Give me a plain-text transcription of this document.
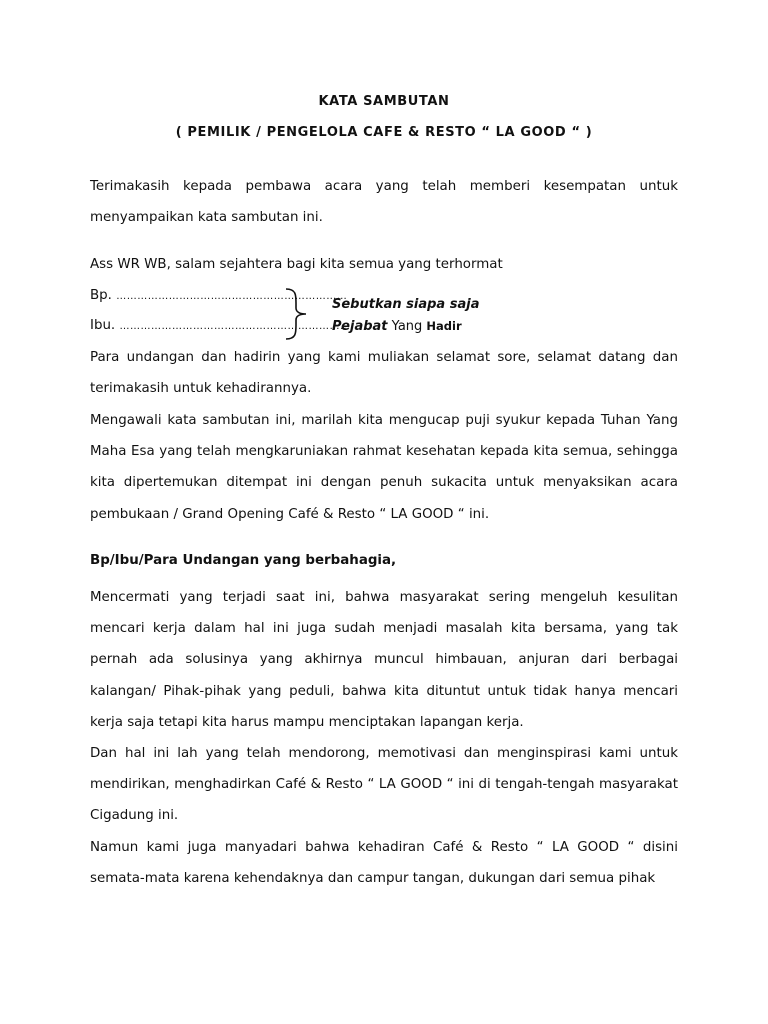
KATA SAMBUTAN
( PEMILIK / PENGELOLA CAFE & RESTO “ LA GOOD “ )

Terimakasih kepada pembawa acara yang telah memberi kesempatan untuk menyampaikan kata sambutan ini.

Ass WR WB, salam sejahtera bagi kita semua yang terhormat

Bp. …………………………………………………………
Ibu. …………………………………………………………
Sebutkan siapa saja
Pejabat Yang Hadir

Para undangan dan hadirin yang kami muliakan selamat sore, selamat datang dan terimakasih untuk kehadirannya.

Mengawali kata sambutan ini, marilah kita mengucap puji syukur kepada Tuhan Yang Maha Esa yang telah mengkaruniakan rahmat kesehatan kepada kita semua, sehingga kita dipertemukan ditempat ini dengan penuh sukacita untuk menyaksikan acara pembukaan / Grand Opening Café & Resto “ LA GOOD “ ini.

Bp/Ibu/Para Undangan yang berbahagia,

Mencermati yang terjadi saat ini, bahwa masyarakat sering mengeluh kesulitan mencari kerja dalam hal ini juga sudah menjadi masalah kita bersama, yang tak pernah ada solusinya yang akhirnya muncul himbauan, anjuran dari berbagai kalangan/ Pihak-pihak yang peduli, bahwa kita dituntut untuk tidak hanya mencari kerja saja tetapi kita harus mampu menciptakan lapangan kerja.

Dan hal ini lah yang telah mendorong, memotivasi dan menginspirasi kami untuk mendirikan, menghadirkan Café & Resto “ LA GOOD “ ini di tengah-tengah masyarakat Cigadung ini.

Namun kami juga manyadari bahwa kehadiran Café & Resto “ LA GOOD “ disini semata-mata karena kehendaknya dan campur tangan, dukungan dari semua pihak
